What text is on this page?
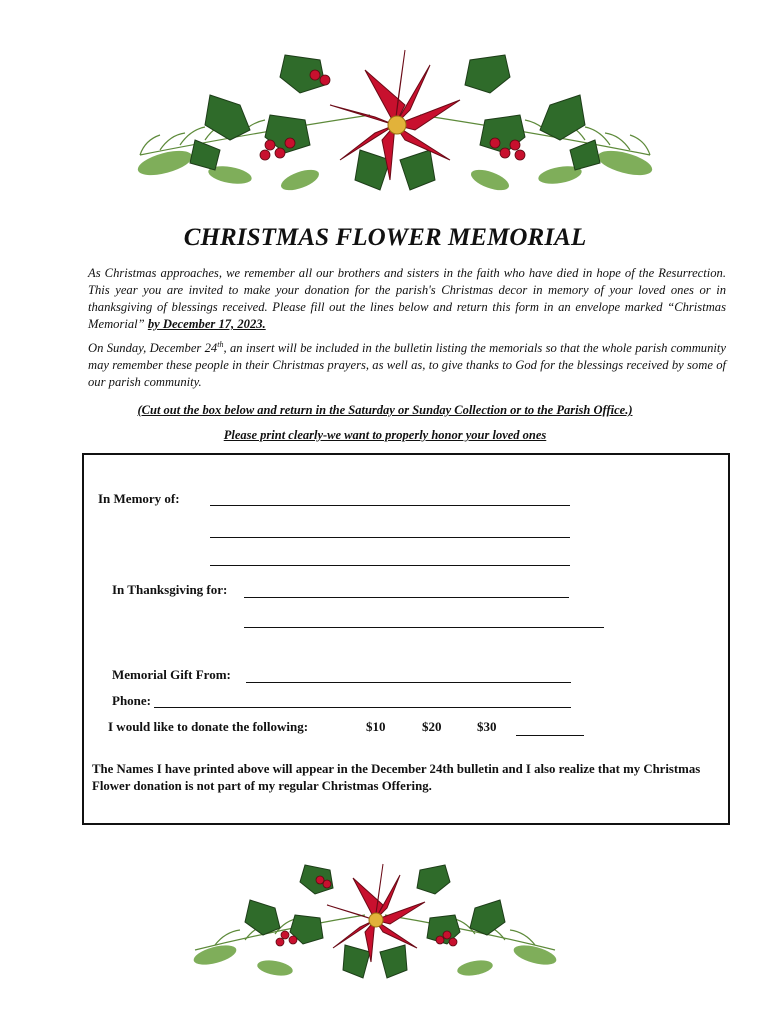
CHRISTMAS FLOWER MEMORIAL
As Christmas approaches, we remember all our brothers and sisters in the faith who have died in hope of the Resurrection. This year you are invited to make your donation for the parish's Christmas decor in memory of your loved ones or in thanksgiving of blessings received. Please fill out the lines below and return this form in an envelope marked “Christmas Memorial” by December 17, 2023.
On Sunday, December 24th, an insert will be included in the bulletin listing the memorials so that the whole parish community may remember these people in their Christmas prayers, as well as, to give thanks to God for the blessings received by some of our parish community.
(Cut out the box below and return in the Saturday or Sunday Collection or to the Parish Office.)
Please print clearly-we want to properly honor your loved ones
In Memory of:
In Thanksgiving for:
Memorial Gift From:
Phone:
I would like to donate the following:	$10	$20	$30
The Names I have printed above will appear in the December 24th bulletin and I also realize that my Christmas Flower donation is not part of my regular Christmas Offering.
